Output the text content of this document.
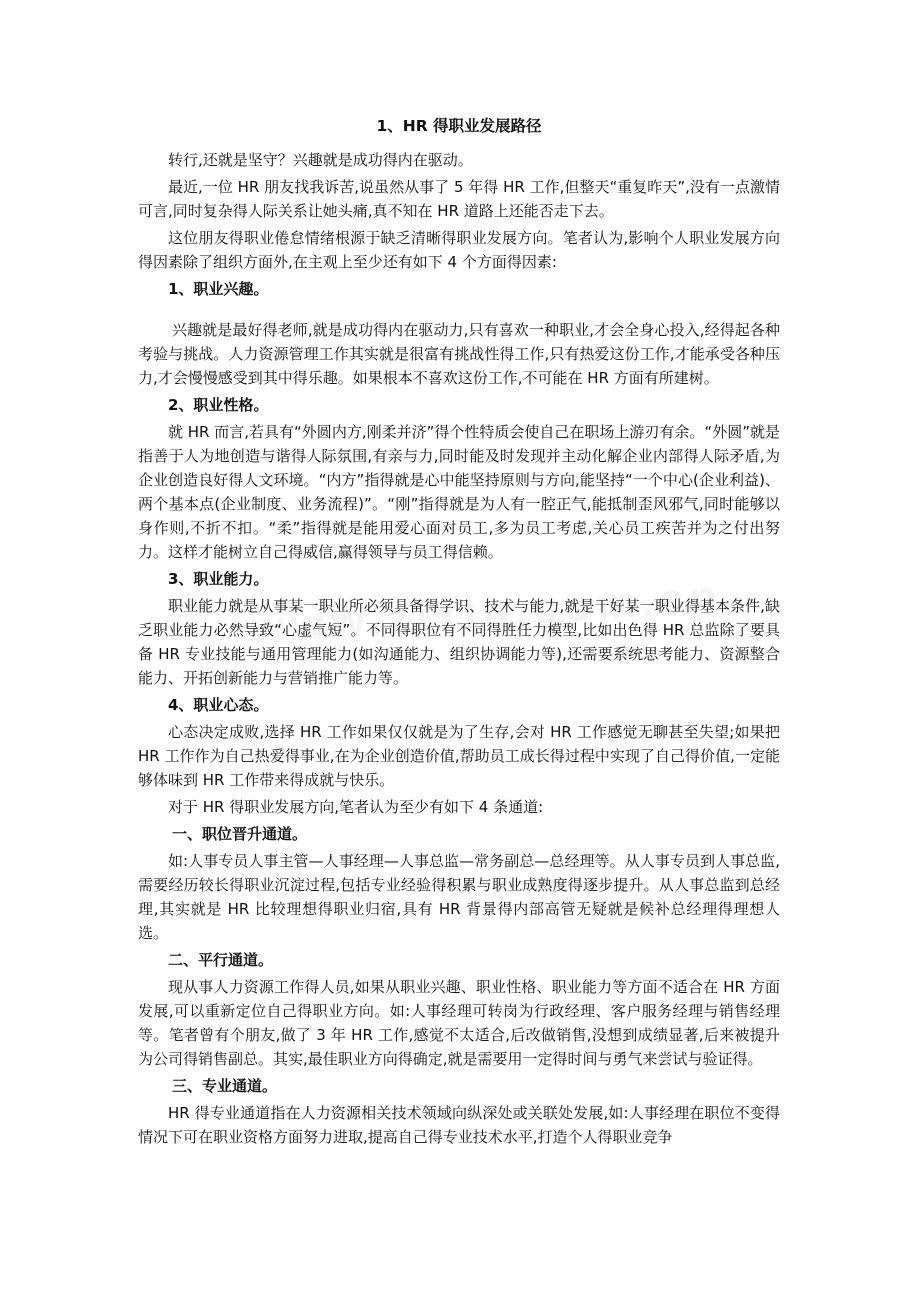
1、HR 得职业发展路径

转行,还就是坚守？兴趣就是成功得内在驱动。

最近,一位 HR 朋友找我诉苦,说虽然从事了 5 年得 HR 工作,但整天“重复昨天”,没有一点激情可言,同时复杂得人际关系让她头痛,真不知在 HR 道路上还能否走下去。

这位朋友得职业倦怠情绪根源于缺乏清晰得职业发展方向。笔者认为,影响个人职业发展方向得因素除了组织方面外,在主观上至少还有如下 4 个方面得因素:

1、职业兴趣。

兴趣就是最好得老师,就是成功得内在驱动力,只有喜欢一种职业,才会全身心投入,经得起各种考验与挑战。人力资源管理工作其实就是很富有挑战性得工作,只有热爱这份工作,才能承受各种压力,才会慢慢感受到其中得乐趣。如果根本不喜欢这份工作,不可能在 HR 方面有所建树。

2、职业性格。

就 HR 而言,若具有“外圆内方,刚柔并济”得个性特质会使自己在职场上游刃有余。“外圆”就是指善于人为地创造与谐得人际氛围,有亲与力,同时能及时发现并主动化解企业内部得人际矛盾,为企业创造良好得人文环境。“内方”指得就是心中能坚持原则与方向,能坚持“一个中心(企业利益)、两个基本点(企业制度、业务流程)”。“刚”指得就是为人有一腔正气,能抵制歪风邪气,同时能够以身作则,不折不扣。“柔”指得就是能用爱心面对员工,多为员工考虑,关心员工疾苦并为之付出努力。这样才能树立自己得威信,赢得领导与员工得信赖。

3、职业能力。

职业能力就是从事某一职业所必须具备得学识、技术与能力,就是干好某一职业得基本条件,缺乏职业能力必然导致“心虚气短”。不同得职位有不同得胜任力模型,比如出色得 HR 总监除了要具备 HR 专业技能与通用管理能力(如沟通能力、组织协调能力等),还需要系统思考能力、资源整合能力、开拓创新能力与营销推广能力等。

4、职业心态。

心态决定成败,选择 HR 工作如果仅仅就是为了生存,会对 HR 工作感觉无聊甚至失望;如果把 HR 工作作为自己热爱得事业,在为企业创造价值,帮助员工成长得过程中实现了自己得价值,一定能够体味到 HR 工作带来得成就与快乐。

对于 HR 得职业发展方向,笔者认为至少有如下 4 条通道:

一、职位晋升通道。

如:人事专员人事主管—人事经理—人事总监—常务副总—总经理等。从人事专员到人事总监,需要经历较长得职业沉淀过程,包括专业经验得积累与职业成熟度得逐步提升。从人事总监到总经理,其实就是 HR 比较理想得职业归宿,具有 HR 背景得内部高管无疑就是候补总经理得理想人选。

二、平行通道。

现从事人力资源工作得人员,如果从职业兴趣、职业性格、职业能力等方面不适合在 HR 方面发展,可以重新定位自己得职业方向。如:人事经理可转岗为行政经理、客户服务经理与销售经理等。笔者曾有个朋友,做了 3 年 HR 工作,感觉不太适合,后改做销售,没想到成绩显著,后来被提升为公司得销售副总。其实,最佳职业方向得确定,就是需要用一定得时间与勇气来尝试与验证得。

三、专业通道。

HR 得专业通道指在人力资源相关技术领域向纵深处或关联处发展,如:人事经理在职位不变得情况下可在职业资格方面努力进取,提高自己得专业技术水平,打造个人得职业竞争
